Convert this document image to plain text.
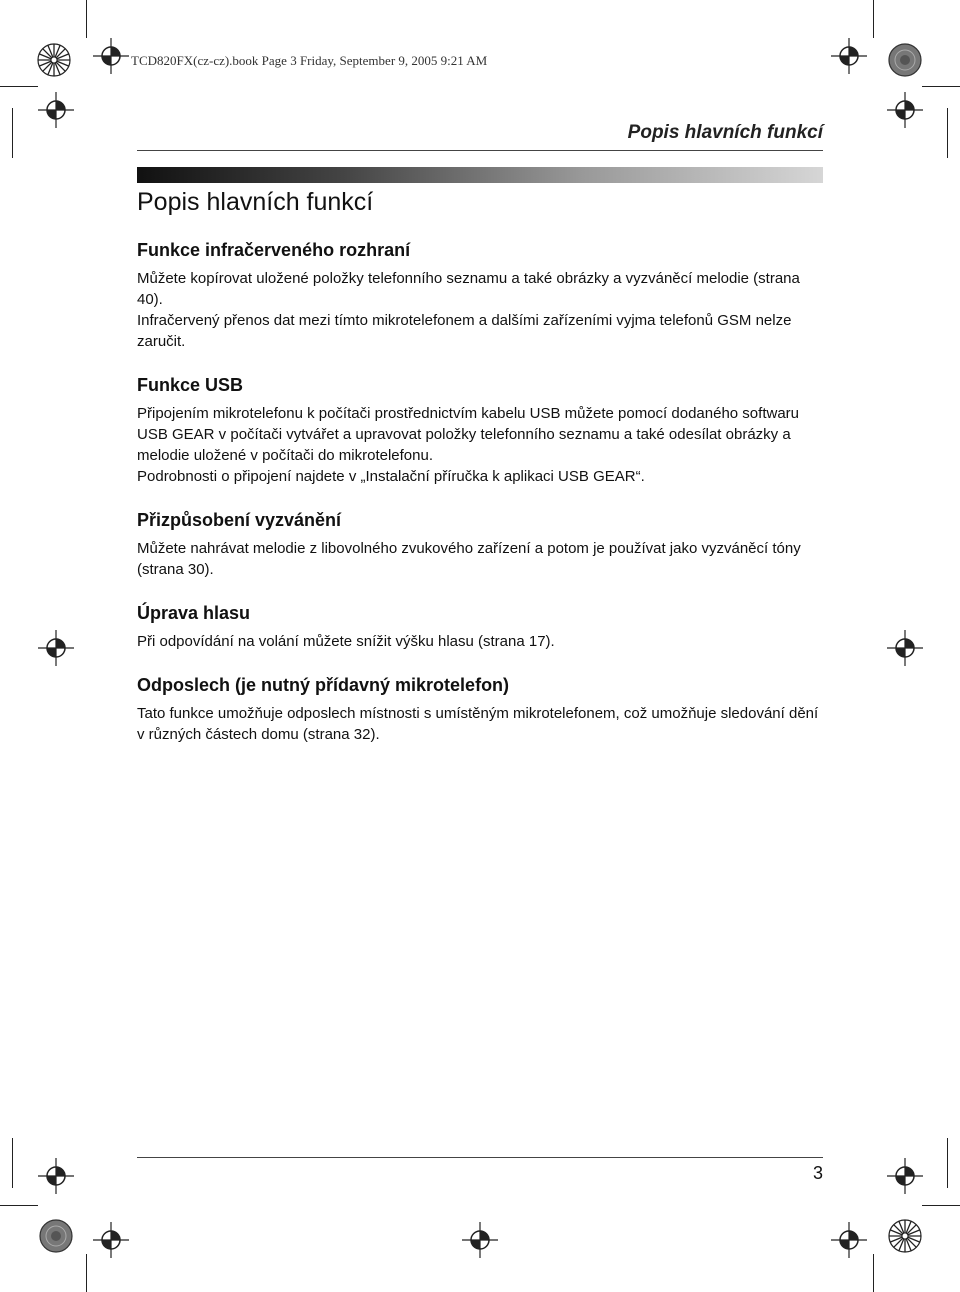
TCD820FX(cz-cz).book Page 3 Friday, September 9, 2005 9:21 AM
Popis hlavních funkcí
Popis hlavních funkcí
Funkce infračerveného rozhraní

Můžete kopírovat uložené položky telefonního seznamu a také obrázky a vyzváněcí melodie (strana 40).

Infračervený přenos dat mezi tímto mikrotelefonem a dalšími zařízeními vyjma telefonů GSM nelze zaručit.

Funkce USB

Připojením mikrotelefonu k počítači prostřednictvím kabelu USB můžete pomocí dodaného softwaru USB GEAR v počítači vytvářet a upravovat položky telefonního seznamu a také odesílat obrázky a melodie uložené v počítači do mikrotelefonu.

Podrobnosti o připojení najdete v „Instalační příručka k aplikaci USB GEAR“.

Přizpůsobení vyzvánění

Můžete nahrávat melodie z libovolného zvukového zařízení a potom je používat jako vyzváněcí tóny (strana 30).

Úprava hlasu

Při odpovídání na volání můžete snížit výšku hlasu (strana 17).

Odposlech (je nutný přídavný mikrotelefon)

Tato funkce umožňuje odposlech místnosti s umístěným mikrotelefonem, což umožňuje sledování dění v různých částech domu (strana 32).

3
